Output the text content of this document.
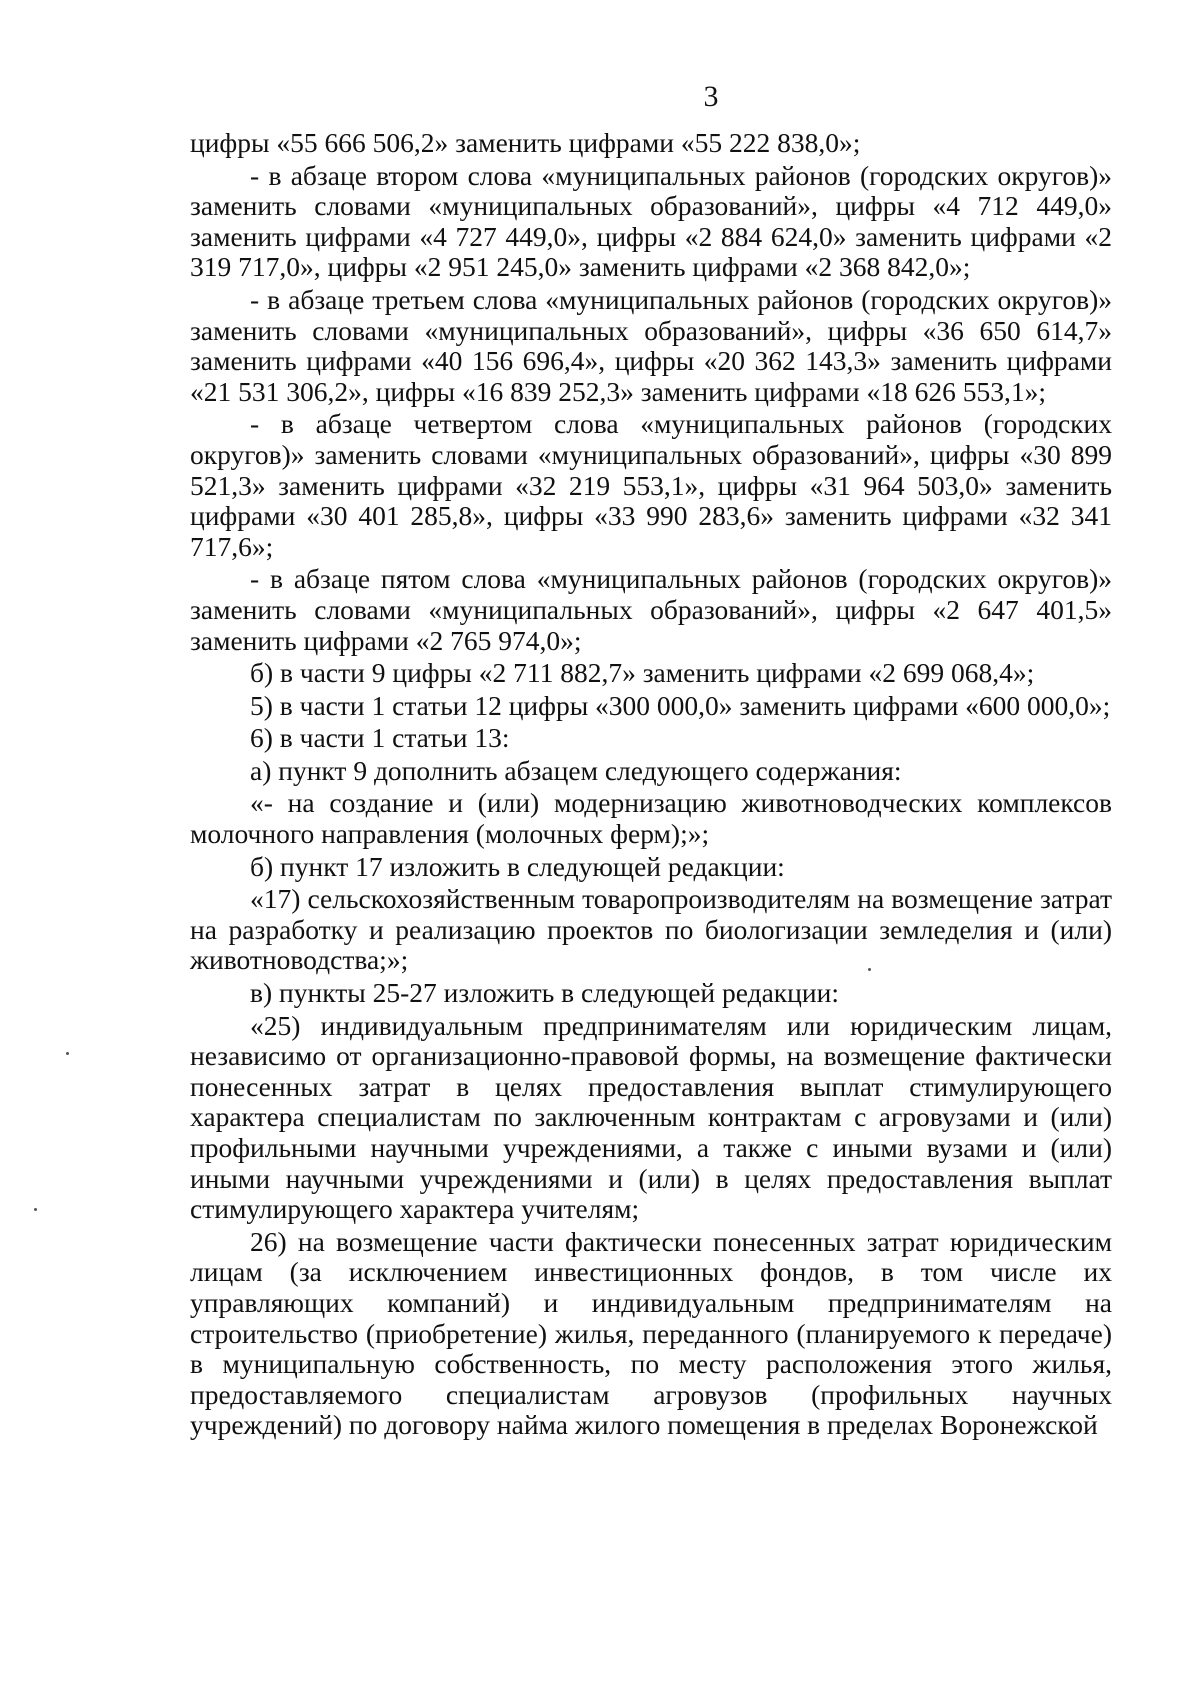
3

цифры «55 666 506,2» заменить цифрами «55 222 838,0»;

- в абзаце втором слова «муниципальных районов (городских округов)» заменить словами «муниципальных образований», цифры «4 712 449,0» заменить цифрами «4 727 449,0», цифры «2 884 624,0» заменить цифрами «2 319 717,0», цифры «2 951 245,0» заменить цифрами «2 368 842,0»;

- в абзаце третьем слова «муниципальных районов (городских округов)» заменить словами «муниципальных образований», цифры «36 650 614,7» заменить цифрами «40 156 696,4», цифры «20 362 143,3» заменить цифрами «21 531 306,2», цифры «16 839 252,3» заменить цифрами «18 626 553,1»;

- в абзаце четвертом слова «муниципальных районов (городских округов)» заменить словами «муниципальных образований», цифры «30 899 521,3» заменить цифрами «32 219 553,1», цифры «31 964 503,0» заменить цифрами «30 401 285,8», цифры «33 990 283,6» заменить цифрами «32 341 717,6»;

- в абзаце пятом слова «муниципальных районов (городских округов)» заменить словами «муниципальных образований», цифры «2 647 401,5» заменить цифрами «2 765 974,0»;

б) в части 9 цифры «2 711 882,7» заменить цифрами «2 699 068,4»;

5) в части 1 статьи 12 цифры «300 000,0» заменить цифрами «600 000,0»;

6) в части 1 статьи 13:

а) пункт 9 дополнить абзацем следующего содержания:

«- на создание и (или) модернизацию животноводческих комплексов молочного направления (молочных ферм);»;

б) пункт 17 изложить в следующей редакции:

«17) сельскохозяйственным товаропроизводителям на возмещение затрат на разработку и реализацию проектов по биологизации земледелия и (или) животноводства;»;

в) пункты 25-27 изложить в следующей редакции:

«25) индивидуальным предпринимателям или юридическим лицам, независимо от организационно-правовой формы, на возмещение фактически понесенных затрат в целях предоставления выплат стимулирующего характера специалистам по заключенным контрактам с агровузами и (или) профильными научными учреждениями, а также с иными вузами и (или) иными научными учреждениями и (или) в целях предоставления выплат стимулирующего характера учителям;

26) на возмещение части фактически понесенных затрат юридическим лицам (за исключением инвестиционных фондов, в том числе их управляющих компаний) и индивидуальным предпринимателям на строительство (приобретение) жилья, переданного (планируемого к передаче) в муниципальную собственность, по месту расположения этого жилья, предоставляемого специалистам агровузов (профильных научных учреждений) по договору найма жилого помещения в пределах Воронежской
